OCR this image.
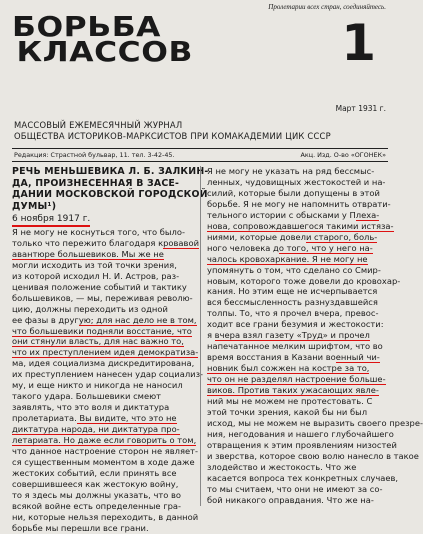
Пролетарии всех стран, соединяйтесь.
БОРЬБА
КЛАССОВ	1
Март 1931 г.
МАССОВЫЙ ЕЖЕМЕСЯЧНЫЙ ЖУРНАЛ
ОБЩЕСТВА ИСТОРИКОВ-МАРКСИСТОВ ПРИ КОМАКАДЕМИИ ЦИК СССР
Редакция: Страстной бульвар, 11. тел. 3-42-45.	Акц. Изд. О-во «ОГОНЕК»
РЕЧЬ МЕНЬШЕВИКА Л. Б. ЗАЛКИН-
ДА, ПРОИЗНЕСЕННАЯ В ЗАСЕ-
ДАНИИ МОСКОВСКОЙ ГОРОДСКОЙ
ДУМЫ¹)
6 ноября 1917 г.
Я не могу не коснуться того, что было-
только что пережито благодаря кровавой
авантюре большевиков. Мы же не
могли исходить из той точки зрения,
из которой исходил Н. И. Астров, раз-
ценивая положение событий и тактику
большевиков, — мы, переживая револю-
цию, должны переходить из одной
ее фазы в другую; для нас дело не в том,
что большевики подняли восстание, что
они стянули власть, для нас важно то,
что их преступлением идея демократиза-
ма, идея социализма дискредитирована,
их преступлением нанесен удар социализ-
му, и еще никто и никогда не наносил
такого удара. Большевики смеют
заявлять, что это воля и диктатура
пролетариата. Вы видите, что это не
диктатура народа, ни диктатура про-
летариата. Но даже если говорить о том,
что данное настроение сторон не являет-
ся существенным моментом в ходе даже
жестоких событий, если принять все
совершившееся как жестокую войну,
то я здесь мы должны указать, что во
всякой войне есть определенные гра-
ни, которые нельзя переходить, в данной
борьбе мы перешли все грани.
Я не могу не указать на ряд бессмыс-
ленных, чудовищных жестокостей и на-
силий, которые были допущены в этой
борьбе. Я не могу не напомнить отврати-
тельного истории с обысками у Плеха-
нова, сопровождавшегося такими истяза-
ниями, которые довели старого, боль-
ного человека до того, что у него на-
чалось кровохаркание. Я не могу не
упомянуть о том, что сделано со Смир-
новым, которого тоже довели до кровохар-
кания. Но этим еще не исчерпывается
вся бессмысленность разнуздавшейся
толпы. То, что я прочел вчера, превос-
ходит все грани безумия и жестокости:
я вчера взял газету «Труд» и прочел
напечатанное мелким шрифтом, что во
время восстания в Казани военный чи-
новник был сожжен на костре за то,
что он не разделял настроение больше-
виков. Против таких ужасающих явле-
ний мы не можем не протестовать. С
этой точки зрения, какой бы ни был
исход, мы не можем не выразить своего презре-
ния, негодования и нашего глубочайшего
отвращения к этим проявлениям низостей
и зверства, которое свою волю нанесло в такое
злодейство и жестокость. Что же
касается вопроса тех конкретных случаев,
то мы считаем, что они не имеют за со-
бой никакого оправдания. Что же на-
